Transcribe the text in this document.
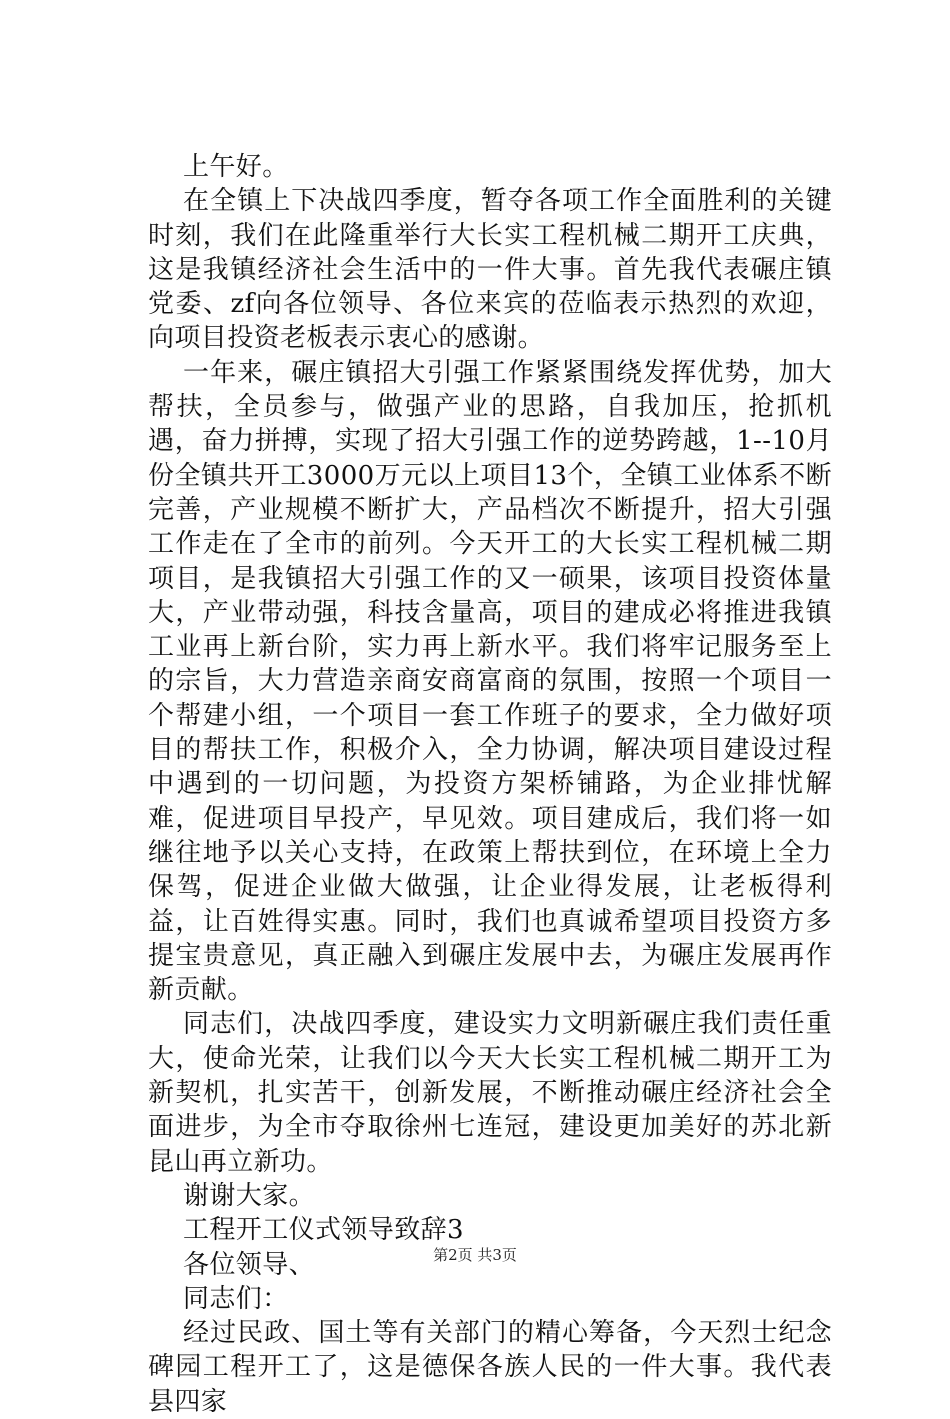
上午好。

在全镇上下决战四季度，暂夺各项工作全面胜利的关键时刻，我们在此隆重举行大长实工程机械二期开工庆典，这是我镇经济社会生活中的一件大事。首先我代表碾庄镇党委、zf向各位领导、各位来宾的莅临表示热烈的欢迎，向项目投资老板表示衷心的感谢。

一年来，碾庄镇招大引强工作紧紧围绕发挥优势，加大帮扶，全员参与，做强产业的思路，自我加压，抢抓机遇，奋力拼搏，实现了招大引强工作的逆势跨越，1--10月份全镇共开工3000万元以上项目13个，全镇工业体系不断完善，产业规模不断扩大，产品档次不断提升，招大引强工作走在了全市的前列。今天开工的大长实工程机械二期项目，是我镇招大引强工作的又一硕果，该项目投资体量大，产业带动强，科技含量高，项目的建成必将推进我镇工业再上新台阶，实力再上新水平。我们将牢记服务至上的宗旨，大力营造亲商安商富商的氛围，按照一个项目一个帮建小组，一个项目一套工作班子的要求，全力做好项目的帮扶工作，积极介入，全力协调，解决项目建设过程中遇到的一切问题，为投资方架桥铺路，为企业排忧解难，促进项目早投产，早见效。项目建成后，我们将一如继往地予以关心支持，在政策上帮扶到位，在环境上全力保驾，促进企业做大做强，让企业得发展，让老板得利益，让百姓得实惠。同时，我们也真诚希望项目投资方多提宝贵意见，真正融入到碾庄发展中去，为碾庄发展再作新贡献。

同志们，决战四季度，建设实力文明新碾庄我们责任重大，使命光荣，让我们以今天大长实工程机械二期开工为新契机，扎实苦干，创新发展，不断推动碾庄经济社会全面进步，为全市夺取徐州七连冠，建设更加美好的苏北新昆山再立新功。

谢谢大家。

工程开工仪式领导致辞3

各位领导、

同志们：

经过民政、国土等有关部门的精心筹备，今天烈士纪念碑园工程开工了，这是德保各族人民的一件大事。我代表县四家

第2页 共3页
